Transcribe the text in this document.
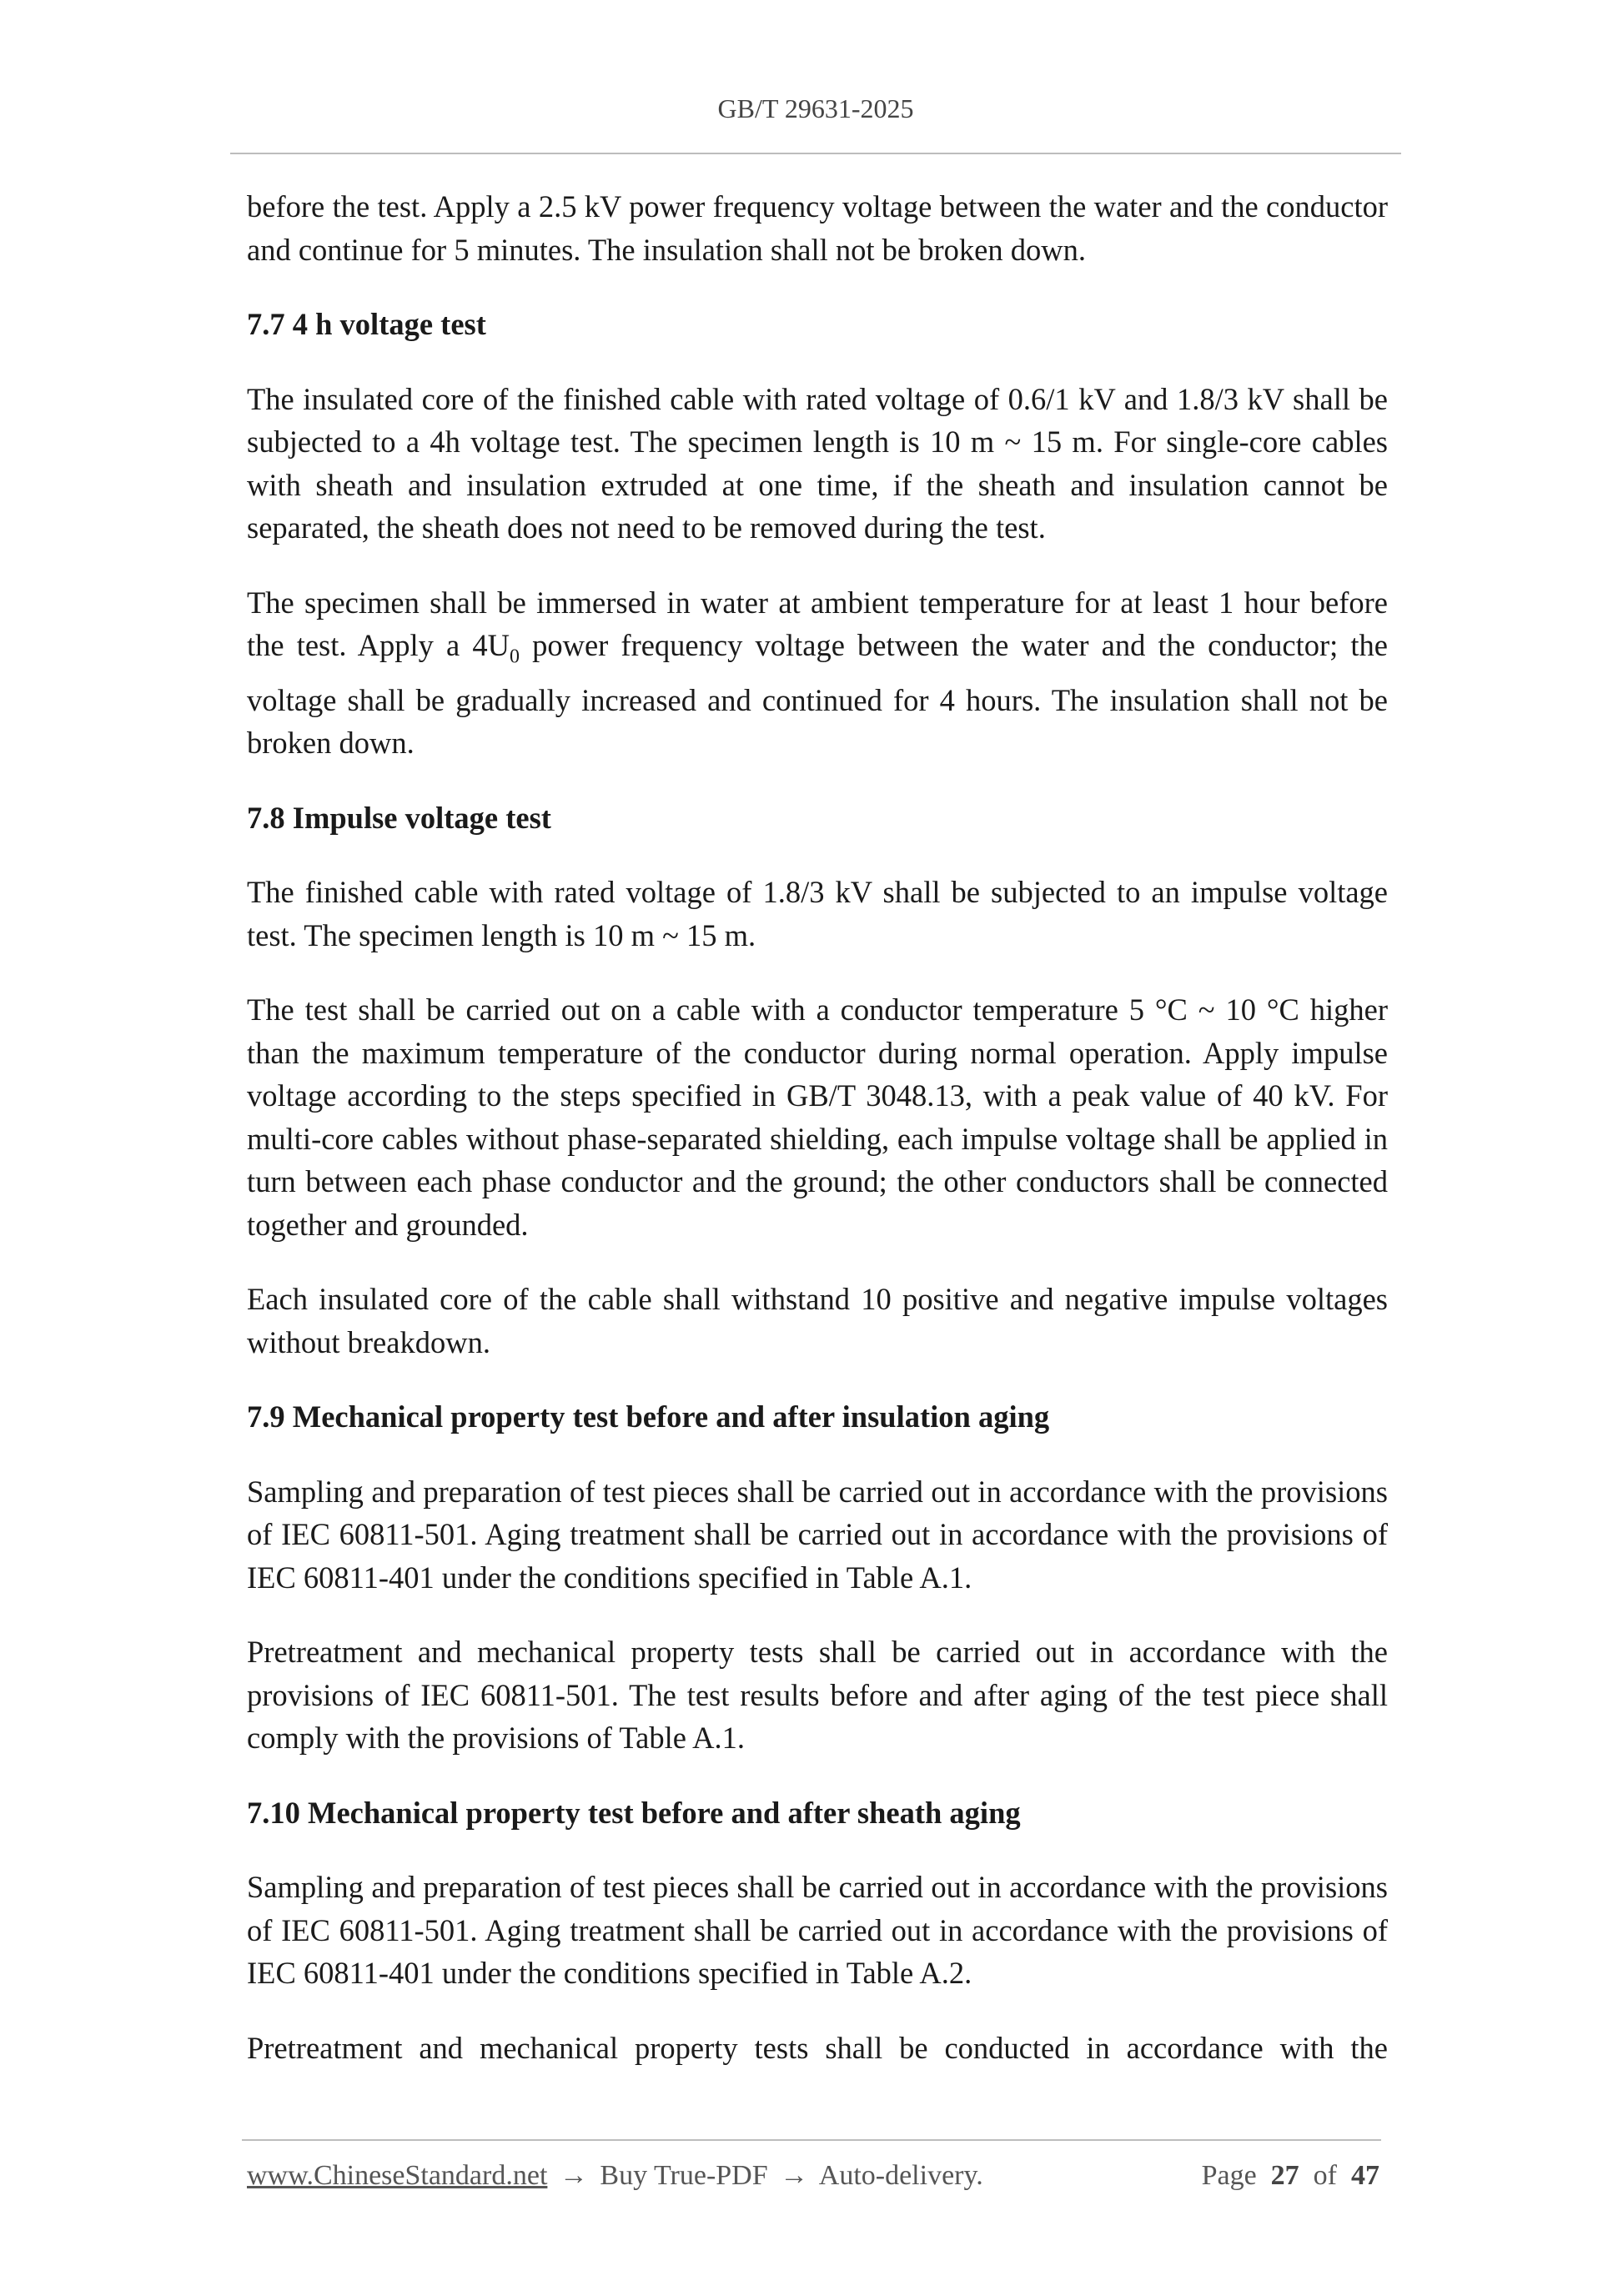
GB/T 29631-2025

before the test. Apply a 2.5 kV power frequency voltage between the water and the conductor and continue for 5 minutes. The insulation shall not be broken down.

7.7 4 h voltage test

The insulated core of the finished cable with rated voltage of 0.6/1 kV and 1.8/3 kV shall be subjected to a 4h voltage test. The specimen length is 10 m ~ 15 m. For single-core cables with sheath and insulation extruded at one time, if the sheath and insulation cannot be separated, the sheath does not need to be removed during the test.

The specimen shall be immersed in water at ambient temperature for at least 1 hour before the test. Apply a $4U_0$ power frequency voltage between the water and the conductor; the voltage shall be gradually increased and continued for 4 hours. The insulation shall not be broken down.

7.8 Impulse voltage test

The finished cable with rated voltage of 1.8/3 kV shall be subjected to an impulse voltage test. The specimen length is 10 m ~ 15 m.

The test shall be carried out on a cable with a conductor temperature 5 °C ~ 10 °C higher than the maximum temperature of the conductor during normal operation. Apply impulse voltage according to the steps specified in GB/T 3048.13, with a peak value of 40 kV. For multi-core cables without phase-separated shielding, each impulse voltage shall be applied in turn between each phase conductor and the ground; the other conductors shall be connected together and grounded.

Each insulated core of the cable shall withstand 10 positive and negative impulse voltages without breakdown.

7.9 Mechanical property test before and after insulation aging

Sampling and preparation of test pieces shall be carried out in accordance with the provisions of IEC 60811-501. Aging treatment shall be carried out in accordance with the provisions of IEC 60811-401 under the conditions specified in Table A.1.

Pretreatment and mechanical property tests shall be carried out in accordance with the provisions of IEC 60811-501. The test results before and after aging of the test piece shall comply with the provisions of Table A.1.

7.10 Mechanical property test before and after sheath aging

Sampling and preparation of test pieces shall be carried out in accordance with the provisions of IEC 60811-501. Aging treatment shall be carried out in accordance with the provisions of IEC 60811-401 under the conditions specified in Table A.2.

Pretreatment and mechanical property tests shall be conducted in accordance with the

www.ChineseStandard.net → Buy True-PDF → Auto-delivery.	Page 27 of 47
